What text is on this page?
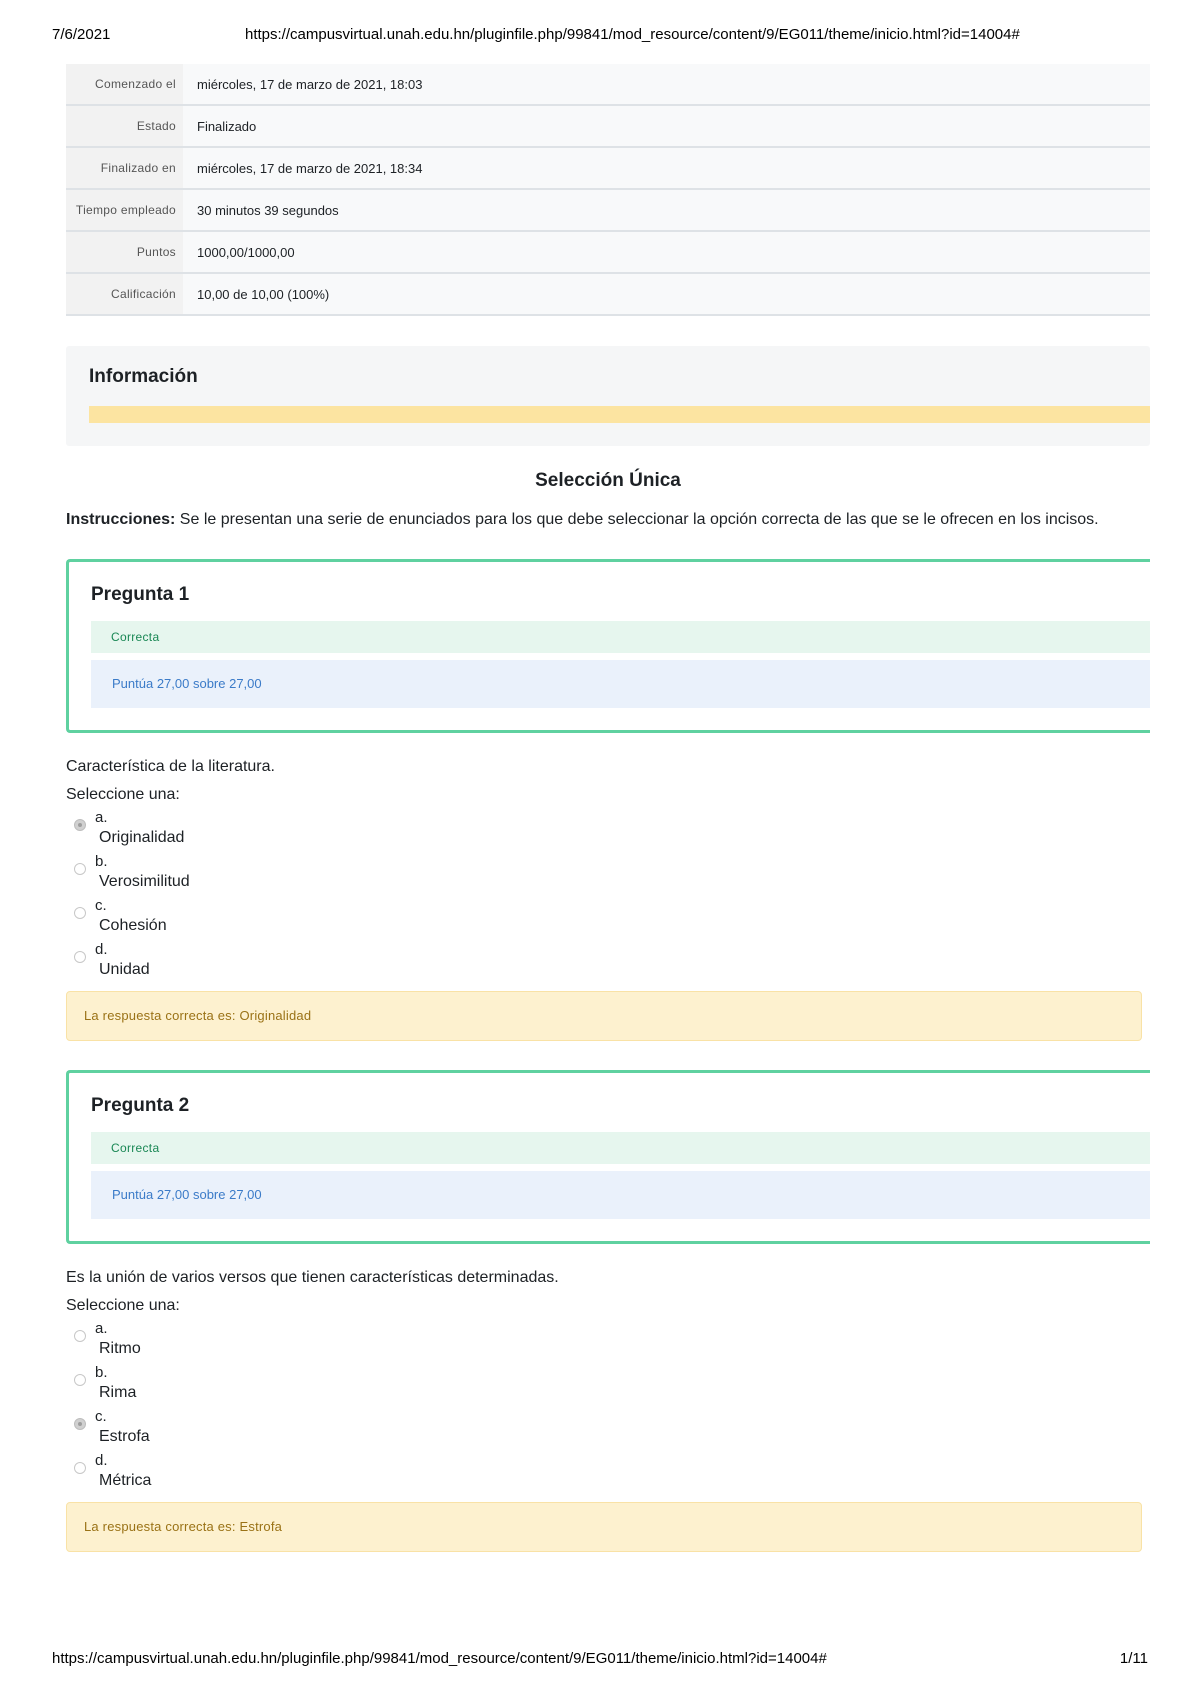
7/6/2021	https://campusvirtual.unah.edu.hn/pluginfile.php/99841/mod_resource/content/9/EG011/theme/inicio.html?id=14004#
Comenzado el	miércoles, 17 de marzo de 2021, 18:03
Estado	Finalizado
Finalizado en	miércoles, 17 de marzo de 2021, 18:34
Tiempo empleado	30 minutos 39 segundos
Puntos	1000,00/1000,00
Calificación	10,00 de 10,00 (100%)
Información
Selección Única
Instrucciones: Se le presentan una serie de enunciados para los que debe seleccionar la opción correcta de las que se le ofrecen en los incisos.
Pregunta 1
Correcta
Puntúa 27,00 sobre 27,00
Característica de la literatura.
Seleccione una:
a.
Originalidad
b.
Verosimilitud
c.
Cohesión
d.
Unidad
La respuesta correcta es: Originalidad
Pregunta 2
Correcta
Puntúa 27,00 sobre 27,00
Es la unión de varios versos que tienen características determinadas.
Seleccione una:
a.
Ritmo
b.
Rima
c.
Estrofa
d.
Métrica
La respuesta correcta es: Estrofa
https://campusvirtual.unah.edu.hn/pluginfile.php/99841/mod_resource/content/9/EG011/theme/inicio.html?id=14004#	1/11
